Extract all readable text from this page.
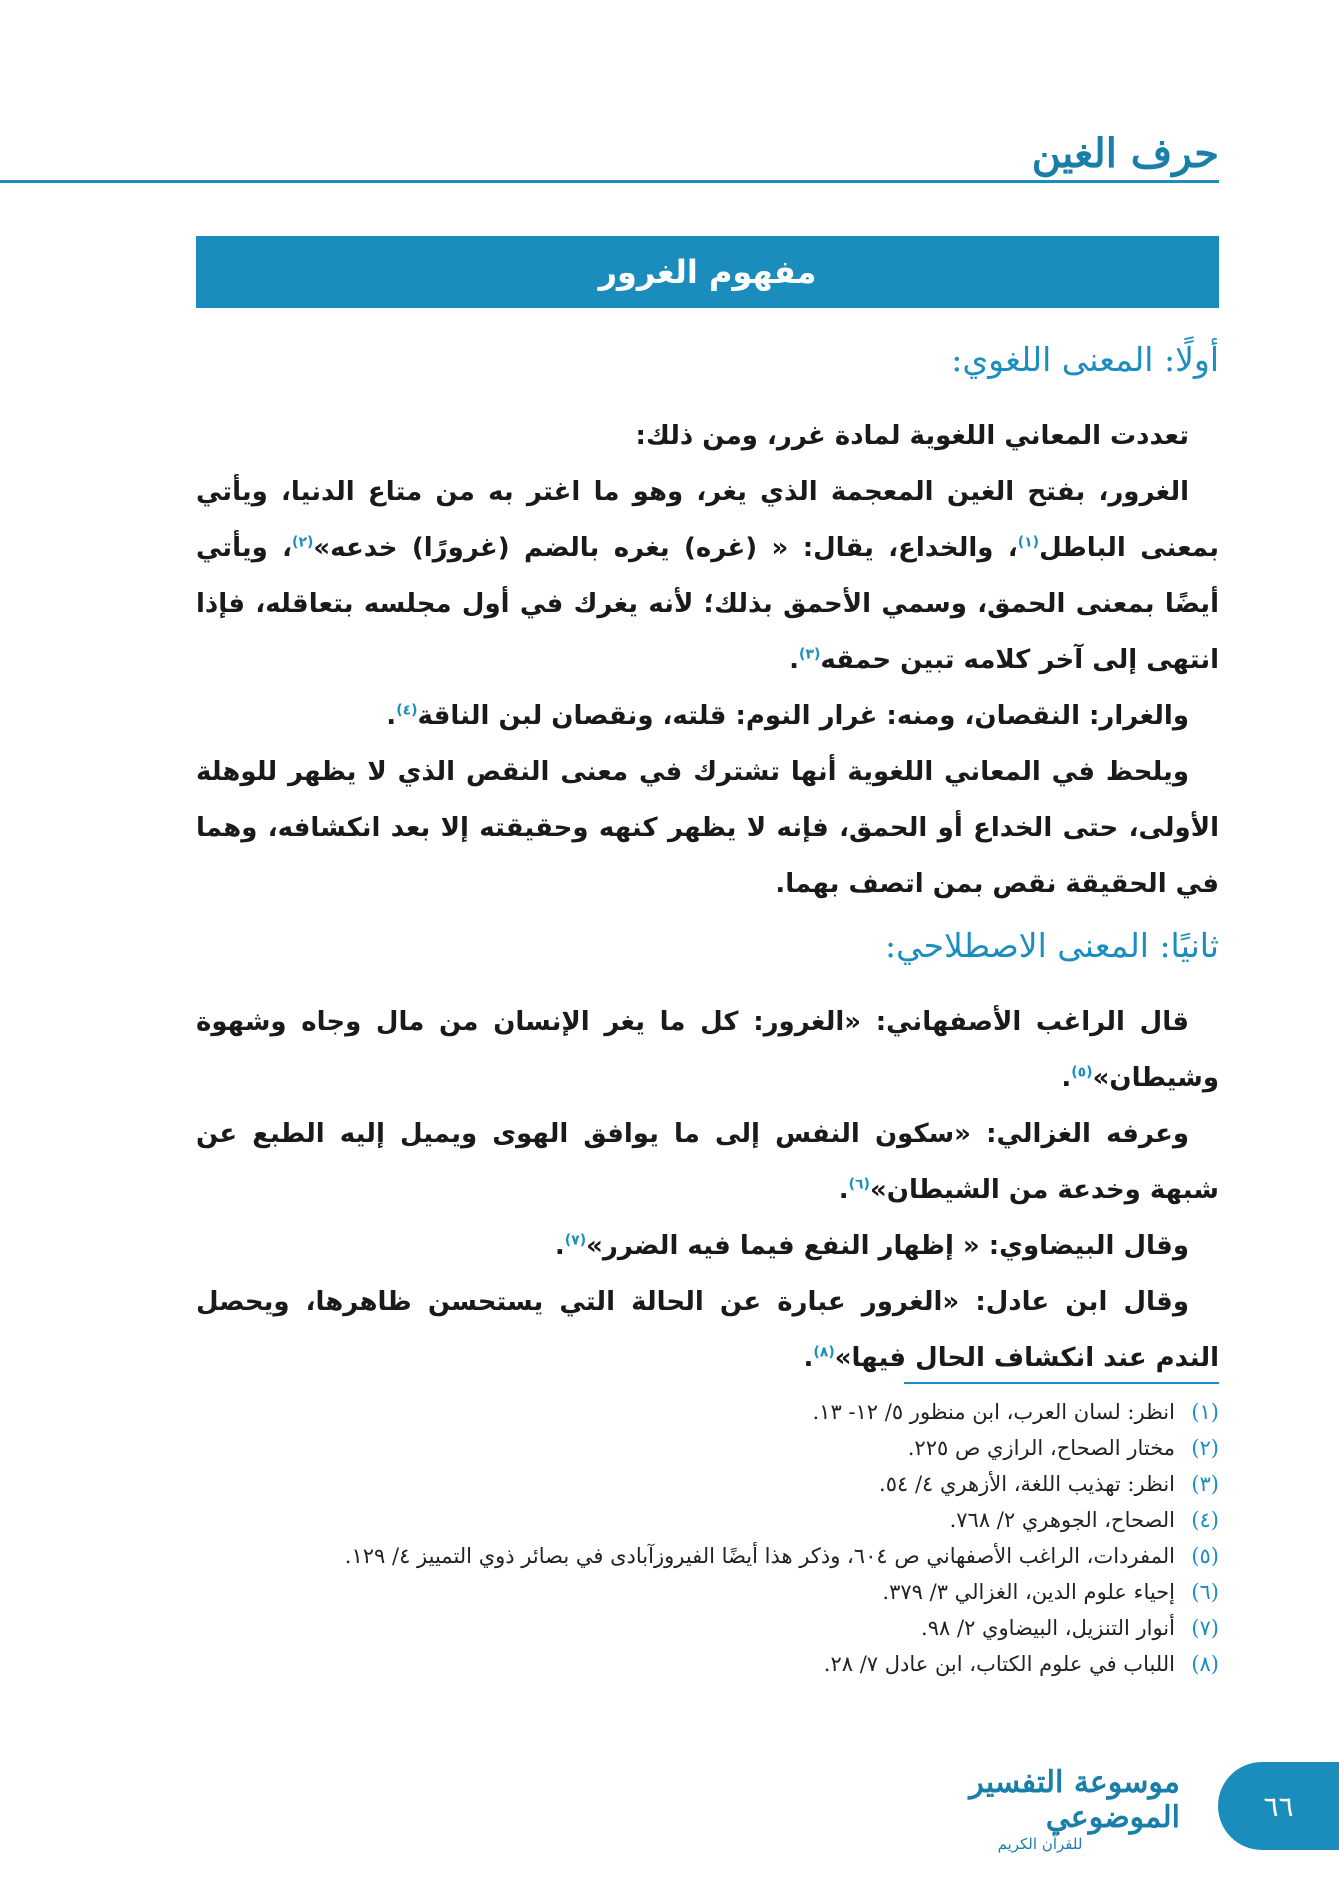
حرف الغين
مفهوم الغرور
أولًا: المعنى اللغوي:

تعددت المعاني اللغوية لمادة غرر، ومن ذلك:

الغرور، بفتح الغين المعجمة الذي يغر، وهو ما اغتر به من متاع الدنيا، ويأتي بمعنى الباطل$^{(١)}$، والخداع، يقال: « (غره) يغره بالضم (غرورًا) خدعه»$^{(٢)}$، ويأتي أيضًا بمعنى الحمق، وسمي الأحمق بذلك؛ لأنه يغرك في أول مجلسه بتعاقله، فإذا انتهى إلى آخر كلامه تبين حمقه$^{(٣)}$.

والغرار: النقصان، ومنه: غرار النوم: قلته، ونقصان لبن الناقة$^{(٤)}$.

ويلحظ في المعاني اللغوية أنها تشترك في معنى النقص الذي لا يظهر للوهلة الأولى، حتى الخداع أو الحمق، فإنه لا يظهر كنهه وحقيقته إلا بعد انكشافه، وهما في الحقيقة نقص بمن اتصف بهما.

ثانيًا: المعنى الاصطلاحي:

قال الراغب الأصفهاني: «الغرور: كل ما يغر الإنسان من مال وجاه وشهوة وشيطان»$^{(٥)}$.

وعرفه الغزالي: «سكون النفس إلى ما يوافق الهوى ويميل إليه الطبع عن شبهة وخدعة من الشيطان»$^{(٦)}$.

وقال البيضاوي: « إظهار النفع فيما فيه الضرر»$^{(٧)}$.

وقال ابن عادل: «الغرور عبارة عن الحالة التي يستحسن ظاهرها، ويحصل الندم عند انكشاف الحال فيها»$^{(٨)}$.

(١)
انظر: لسان العرب، ابن منظور ٥/ ١٢- ١٣.
(٢)
مختار الصحاح، الرازي ص ٢٢٥.
(٣)
انظر: تهذيب اللغة، الأزهري ٤/ ٥٤.
(٤)
الصحاح، الجوهري ٢/ ٧٦٨.
(٥)
المفردات، الراغب الأصفهاني ص ٦٠٤، وذكر هذا أيضًا الفيروزآبادى في بصائر ذوي التمييز ٤/ ١٢٩.
(٦)
إحياء علوم الدين، الغزالي ٣/ ٣٧٩.
(٧)
أنوار التنزيل، البيضاوي ٢/ ٩٨.
(٨)
اللباب في علوم الكتاب، ابن عادل ٧/ ٢٨.
موسوعة التفسير الموضوعي
للقرآن الكريم
٦٦
